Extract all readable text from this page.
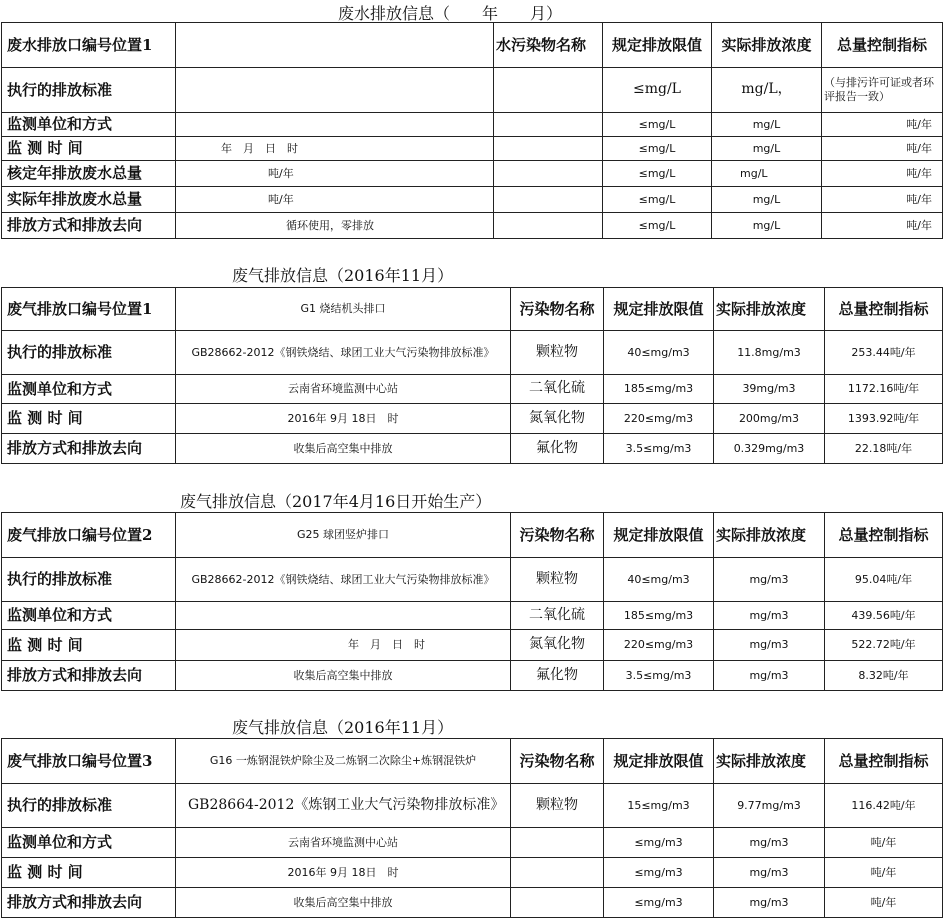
废水排放信息（　　年　　月）
废水排放口编号位置1		水污染物名称	规定排放限值	实际排放浓度	总量控制指标
执行的排放标准			≤mg/L	mg/L，	（与排污许可证或者环评报告一致）
监测单位和方式			≤mg/L	mg/L	吨/年
监 测 时 间	年　月　日　时		≤mg/L	mg/L	吨/年
核定年排放废水总量	吨/年		≤mg/L	mg/L	吨/年
实际年排放废水总量	吨/年		≤mg/L	mg/L	吨/年
排放方式和排放去向	循环使用，零排放		≤mg/L	mg/L	吨/年
废气排放信息（2016年11月）
废气排放口编号位置1	G1 烧结机头排口	污染物名称	规定排放限值	实际排放浓度	总量控制指标
执行的排放标准	GB28662-2012《钢铁烧结、球团工业大气污染物排放标准》	颗粒物	40≤mg/m3	11.8mg/m3	253.44吨/年
监测单位和方式	云南省环境监测中心站	二氧化硫	185≤mg/m3	39mg/m3	1172.16吨/年
监 测 时 间	2016年 9月 18日　时	氮氧化物	220≤mg/m3	200mg/m3	1393.92吨/年
排放方式和排放去向	收集后高空集中排放	氟化物	3.5≤mg/m3	0.329mg/m3	22.18吨/年
废气排放信息（2017年4月16日开始生产）
废气排放口编号位置2	G25 球团竖炉排口	污染物名称	规定排放限值	实际排放浓度	总量控制指标
执行的排放标准	GB28662-2012《钢铁烧结、球团工业大气污染物排放标准》	颗粒物	40≤mg/m3	mg/m3	95.04吨/年
监测单位和方式		二氧化硫	185≤mg/m3	mg/m3	439.56吨/年
监 测 时 间	年　月　日　时	氮氧化物	220≤mg/m3	mg/m3	522.72吨/年
排放方式和排放去向	收集后高空集中排放	氟化物	3.5≤mg/m3	mg/m3	8.32吨/年
废气排放信息（2016年11月）
废气排放口编号位置3	G16 一炼钢混铁炉除尘及二炼钢二次除尘+炼钢混铁炉	污染物名称	规定排放限值	实际排放浓度	总量控制指标
执行的排放标准	GB28664-2012《炼钢工业大气污染物排放标准》	颗粒物	15≤mg/m3	9.77mg/m3	116.42吨/年
监测单位和方式	云南省环境监测中心站		≤mg/m3	mg/m3	吨/年
监 测 时 间	2016年 9月 18日　时		≤mg/m3	mg/m3	吨/年
排放方式和排放去向	收集后高空集中排放		≤mg/m3	mg/m3	吨/年
